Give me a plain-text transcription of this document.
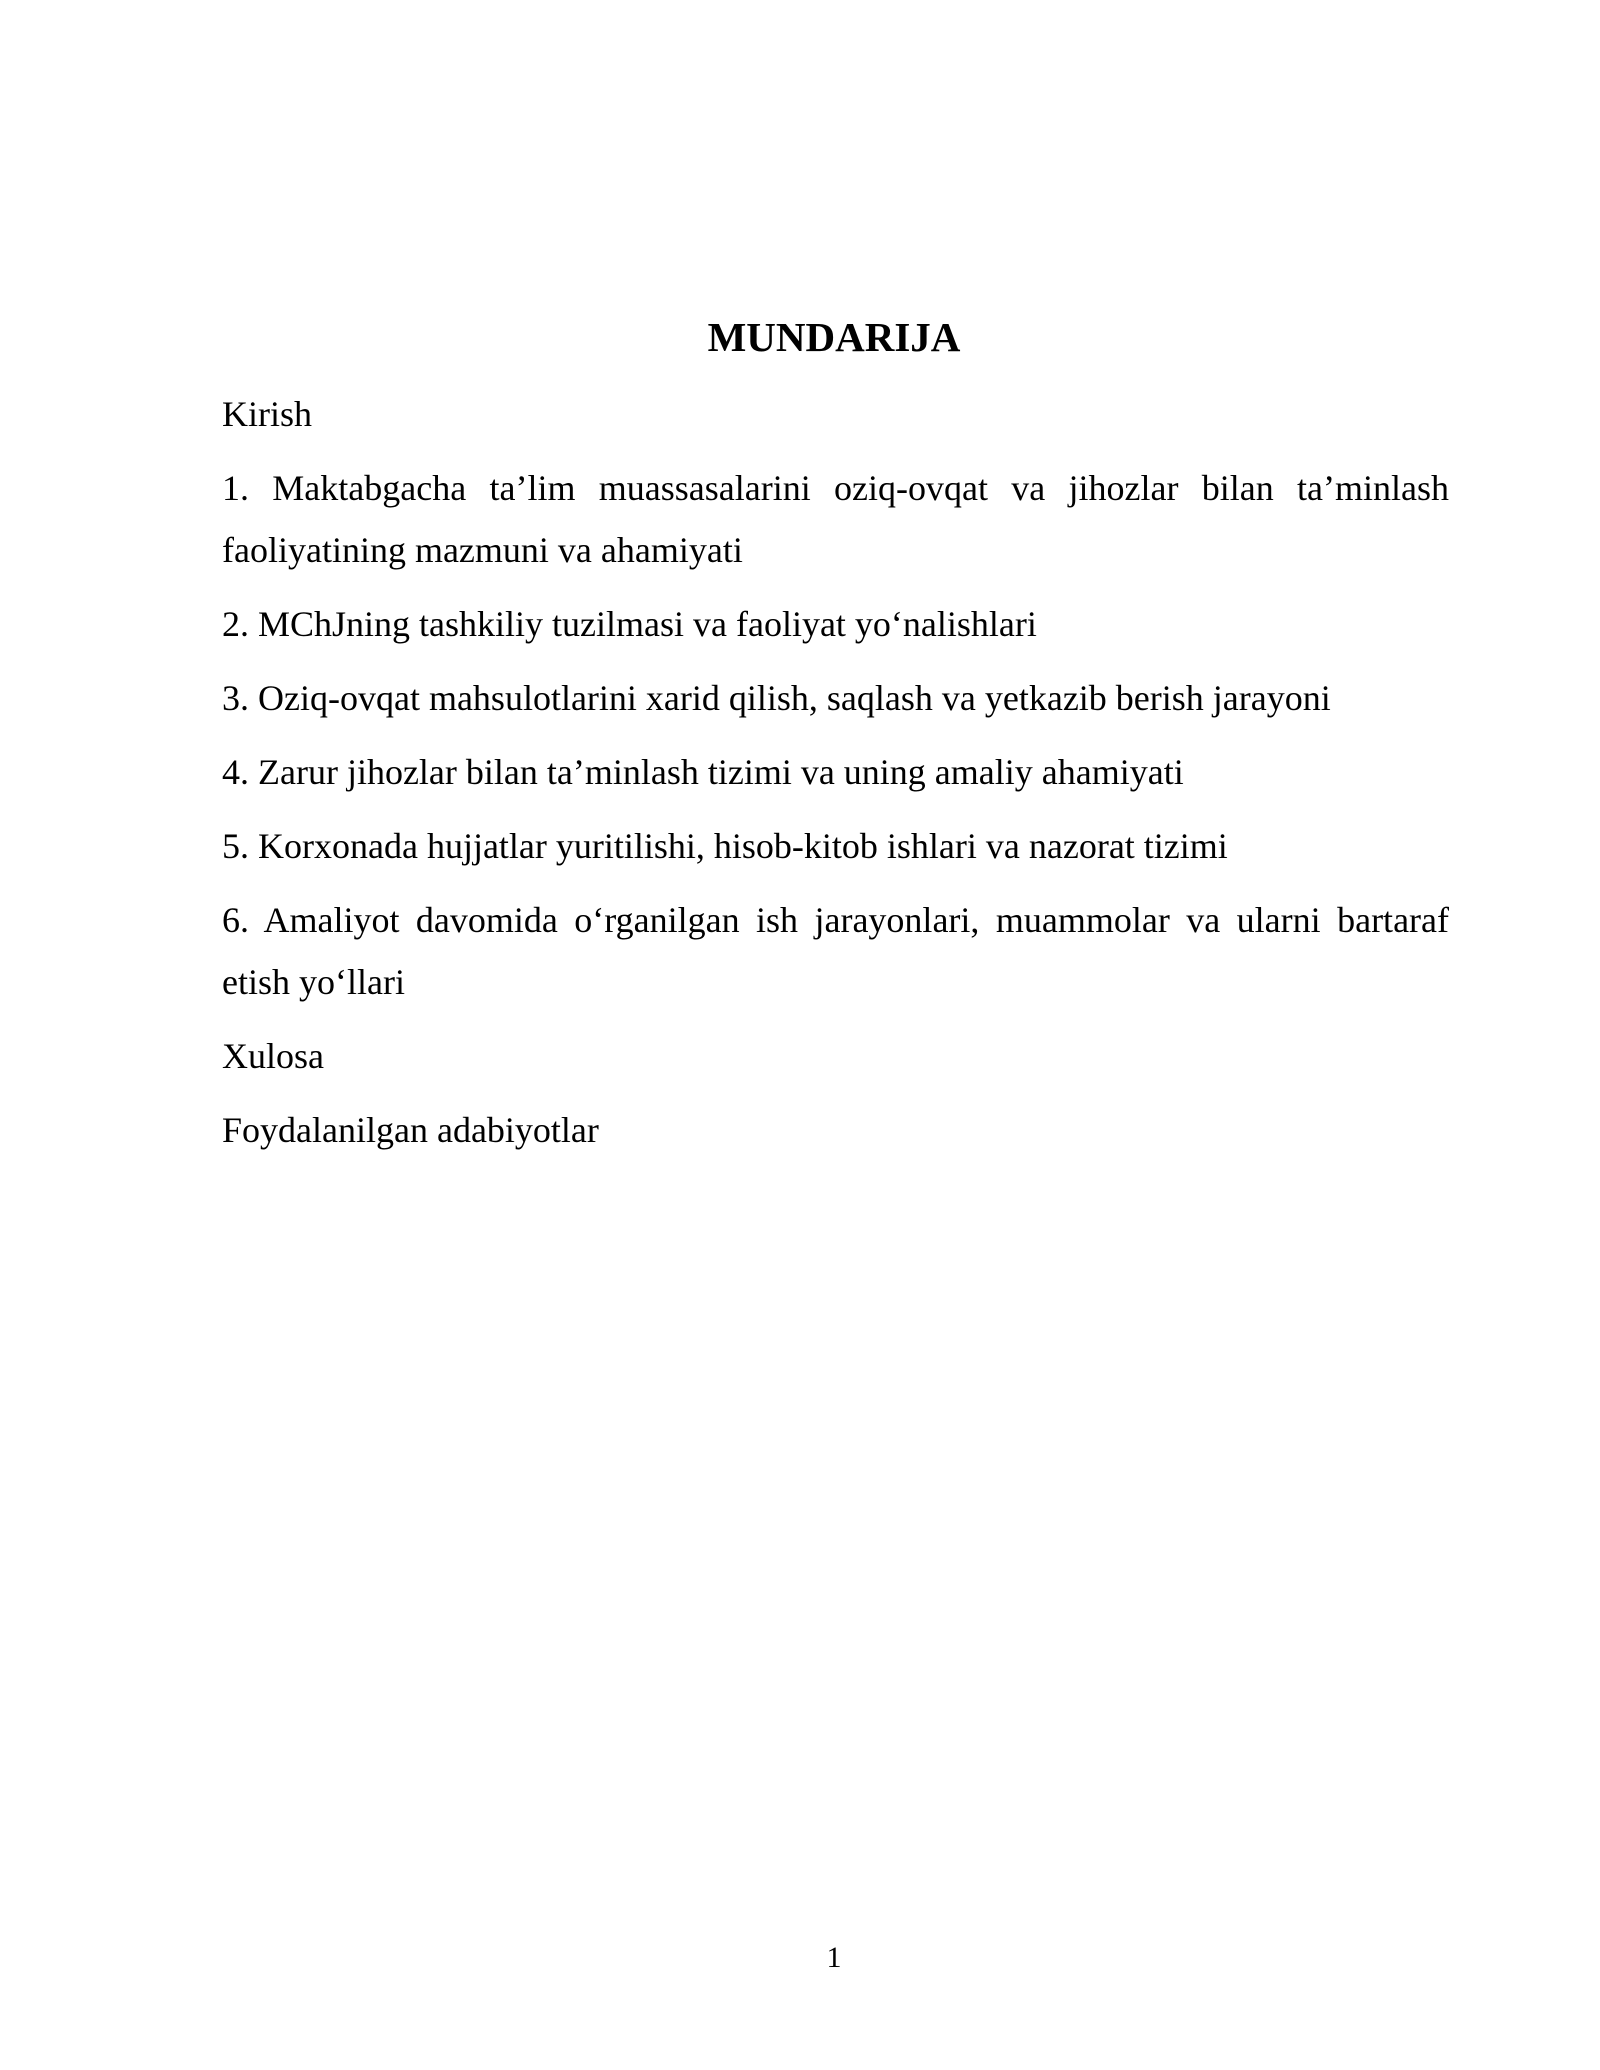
MUNDARIJA
Kirish
1. Maktabgacha ta’lim muassasalarini oziq-ovqat va jihozlar bilan ta’minlash faoliyatining mazmuni va ahamiyati
2. MChJning tashkiliy tuzilmasi va faoliyat yo‘nalishlari
3. Oziq-ovqat mahsulotlarini xarid qilish, saqlash va yetkazib berish jarayoni
4. Zarur jihozlar bilan ta’minlash tizimi va uning amaliy ahamiyati
5. Korxonada hujjatlar yuritilishi, hisob-kitob ishlari va nazorat tizimi
6. Amaliyot davomida o‘rganilgan ish jarayonlari, muammolar va ularni bartaraf etish yo‘llari
Xulosa
Foydalanilgan adabiyotlar
1
